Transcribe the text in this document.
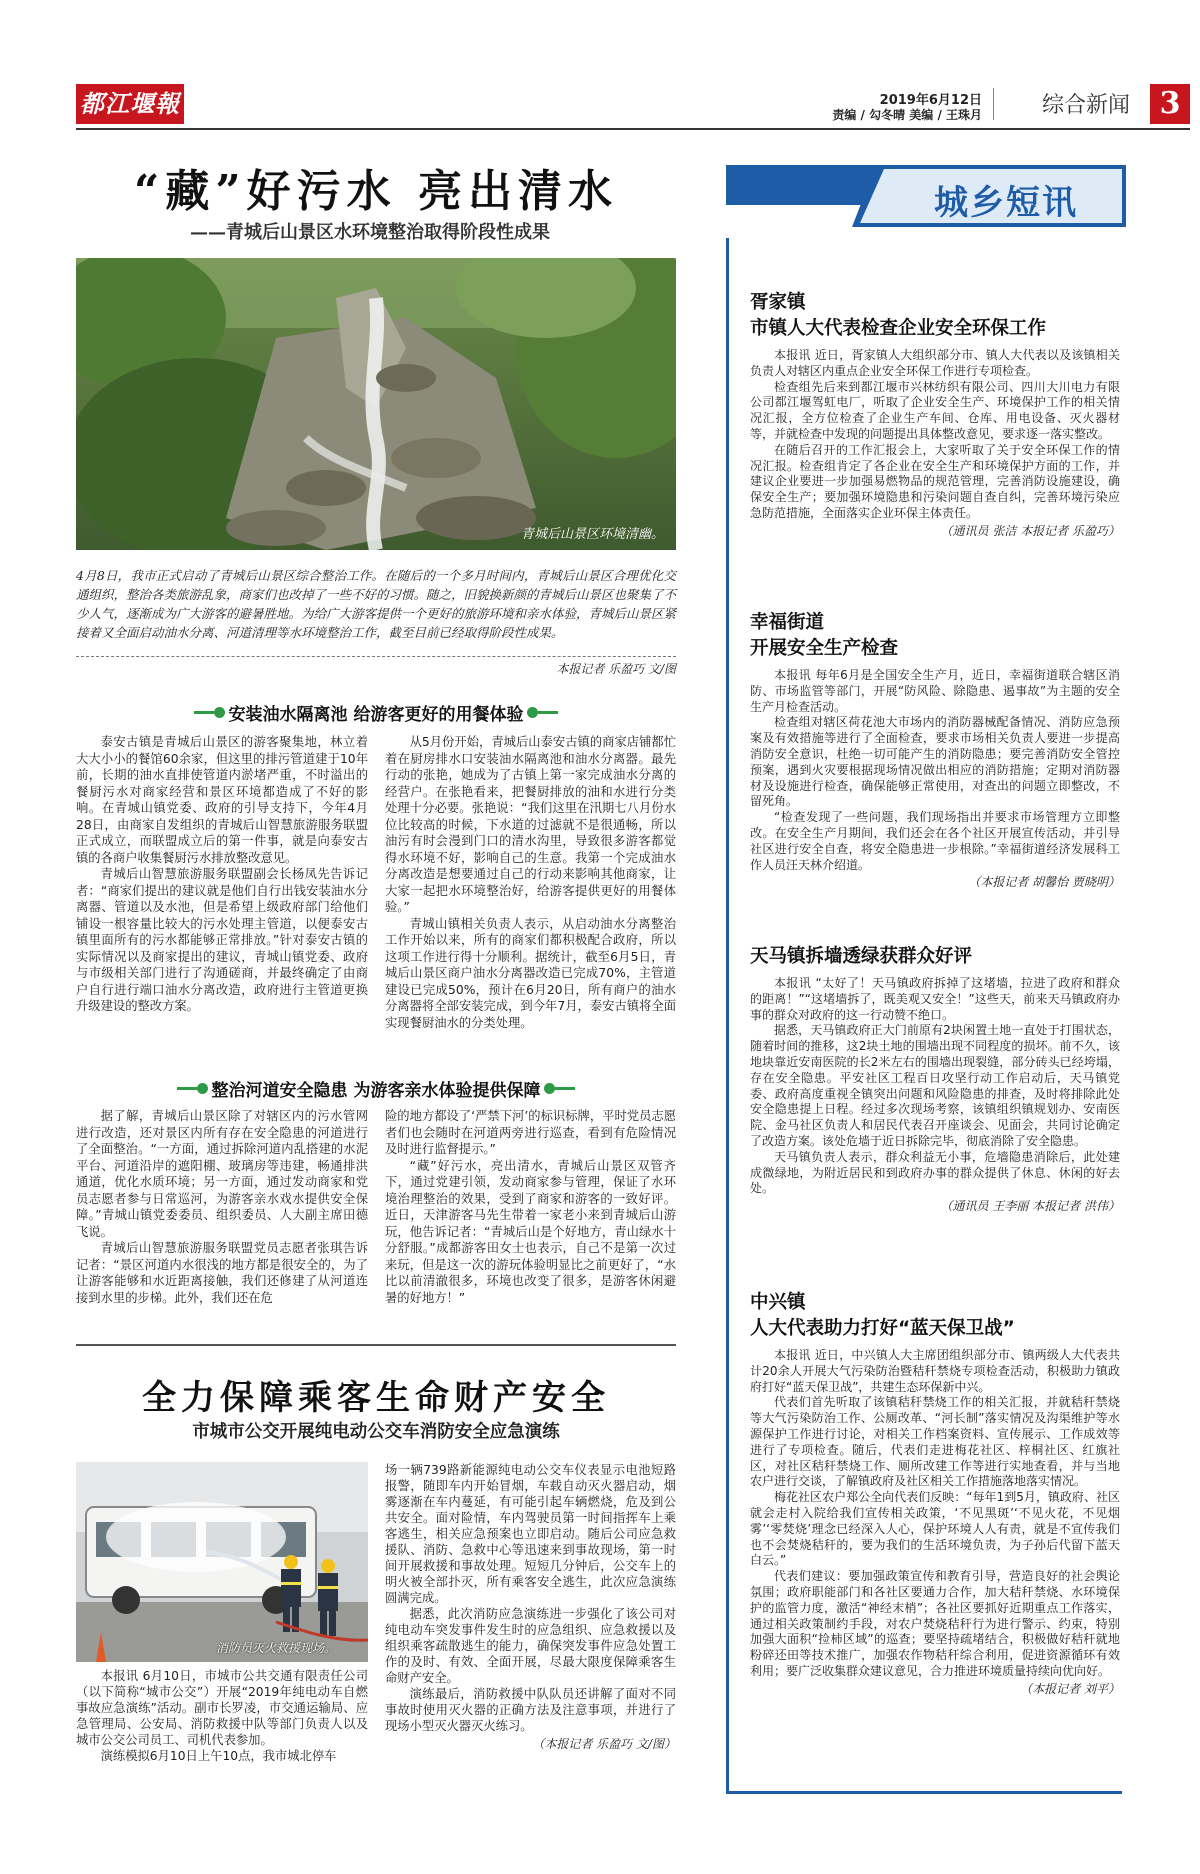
都江堰報	2019年6月12日
责编 / 勾冬晴 美编 / 王珠月	综合新闻 3
“藏”好污水 亮出清水
——青城后山景区水环境整治取得阶段性成果
青城后山景区环境清幽。
4月8日，我市正式启动了青城后山景区综合整治工作。在随后的一个多月时间内，青城后山景区合理优化交通组织，整治各类旅游乱象，商家们也改掉了一些不好的习惯。随之，旧貌换新颜的青城后山景区也聚集了不少人气，逐渐成为广大游客的避暑胜地。为给广大游客提供一个更好的旅游环境和亲水体验，青城后山景区紧接着又全面启动油水分离、河道清理等水环境整治工作，截至目前已经取得阶段性成果。
本报记者 乐盈巧 文/图
安装油水隔离池 给游客更好的用餐体验

泰安古镇是青城后山景区的游客聚集地，林立着大大小小的餐馆60余家，但这里的排污管道建于10年前，长期的油水直排使管道内淤堵严重，不时溢出的餐厨污水对商家经营和景区环境都造成了不好的影响。在青城山镇党委、政府的引导支持下，今年4月28日，由商家自发组织的青城后山智慧旅游服务联盟正式成立，而联盟成立后的第一件事，就是向泰安古镇的各商户收集餐厨污水排放整改意见。

青城后山智慧旅游服务联盟副会长杨凤先告诉记者：“商家们提出的建议就是他们自行出钱安装油水分离器、管道以及水池，但是希望上级政府部门给他们铺设一根容量比较大的污水处理主管道，以便泰安古镇里面所有的污水都能够正常排放。”针对泰安古镇的实际情况以及商家提出的建议，青城山镇党委、政府与市级相关部门进行了沟通磋商，并最终确定了由商户自行进行端口油水分离改造，政府进行主管道更换升级建设的整改方案。

从5月份开始，青城后山泰安古镇的商家店铺都忙着在厨房排水口安装油水隔离池和油水分离器。最先行动的张艳，她成为了古镇上第一家完成油水分离的经营户。在张艳看来，把餐厨排放的油和水进行分类处理十分必要。张艳说：“我们这里在汛期七八月份水位比较高的时候，下水道的过滤就不是很通畅，所以油污有时会漫到门口的清水沟里，导致很多游客都觉得水环境不好，影响自己的生意。我第一个完成油水分离改造是想要通过自己的行动来影响其他商家，让大家一起把水环境整治好，给游客提供更好的用餐体验。”

青城山镇相关负责人表示，从启动油水分离整治工作开始以来，所有的商家们都积极配合政府，所以这项工作进行得十分顺利。据统计，截至6月5日，青城后山景区商户油水分离器改造已完成70%，主管道建设已完成50%，预计在6月20日，所有商户的油水分离器将全部安装完成，到今年7月，泰安古镇将全面实现餐厨油水的分类处理。

整治河道安全隐患 为游客亲水体验提供保障

据了解，青城后山景区除了对辖区内的污水管网进行改造，还对景区内所有存在安全隐患的河道进行了全面整治。“一方面，通过拆除河道内乱搭建的水泥平台、河道沿岸的遮阳棚、玻璃房等违建，畅通排洪通道，优化水质环境；另一方面，通过发动商家和党员志愿者参与日常巡河，为游客亲水戏水提供安全保障。”青城山镇党委委员、组织委员、人大副主席田德飞说。

青城后山智慧旅游服务联盟党员志愿者张琪告诉记者：“景区河道内水很浅的地方都是很安全的，为了让游客能够和水近距离接触，我们还修建了从河道连接到水里的步梯。此外，我们还在危

险的地方都设了‘严禁下河’的标识标牌，平时党员志愿者们也会随时在河道两旁进行巡查，看到有危险情况及时进行监督提示。”

“藏”好污水，亮出清水，青城后山景区双管齐下，通过党建引领，发动商家参与管理，保证了水环境治理整治的效果，受到了商家和游客的一致好评。近日，天津游客马先生带着一家老小来到青城后山游玩，他告诉记者：“青城后山是个好地方，青山绿水十分舒服。”成都游客田女士也表示，自己不是第一次过来玩，但是这一次的游玩体验明显比之前更好了，“水比以前清澈很多，环境也改变了很多，是游客休闲避暑的好地方！”

全力保障乘客生命财产安全
市城市公交开展纯电动公交车消防安全应急演练
消防员灭火救援现场。

本报讯 6月10日，市城市公共交通有限责任公司（以下简称“城市公交”）开展“2019年纯电动车自燃事故应急演练”活动。副市长罗凌，市交通运输局、应急管理局、公安局、消防救援中队等部门负责人以及城市公交公司员工、司机代表参加。

演练模拟6月10日上午10点，我市城北停车

场一辆739路新能源纯电动公交车仪表显示电池短路报警，随即车内开始冒烟，车载自动灭火器启动，烟雾逐渐在车内蔓延，有可能引起车辆燃烧，危及到公共安全。面对险情，车内驾驶员第一时间指挥车上乘客逃生，相关应急预案也立即启动。随后公司应急救援队、消防、急救中心等迅速来到事故现场，第一时间开展救援和事故处理。短短几分钟后，公交车上的明火被全部扑灭，所有乘客安全逃生，此次应急演练圆满完成。

据悉，此次消防应急演练进一步强化了该公司对纯电动车突发事件发生时的应急组织、应急救援以及组织乘客疏散逃生的能力，确保突发事件应急处置工作的及时、有效、全面开展，尽最大限度保障乘客生命财产安全。

演练最后，消防救援中队队员还讲解了面对不同事故时使用灭火器的正确方法及注意事项，并进行了现场小型灭火器灭火练习。

（本报记者 乐盈巧 文/图）
城乡短讯
胥家镇
市镇人大代表检查企业安全环保工作

本报讯 近日，胥家镇人大组织部分市、镇人大代表以及该镇相关负责人对辖区内重点企业安全环保工作进行专项检查。

检查组先后来到都江堰市兴林纺织有限公司、四川大川电力有限公司都江堰驾虹电厂，听取了企业安全生产、环境保护工作的相关情况汇报，全方位检查了企业生产车间、仓库、用电设备、灭火器材等，并就检查中发现的问题提出具体整改意见，要求逐一落实整改。

在随后召开的工作汇报会上，大家听取了关于安全环保工作的情况汇报。检查组肯定了各企业在安全生产和环境保护方面的工作，并建议企业要进一步加强易燃物品的规范管理，完善消防设施建设，确保安全生产；要加强环境隐患和污染问题自查自纠，完善环境污染应急防范措施，全面落实企业环保主体责任。

（通讯员 张洁 本报记者 乐盈巧）
幸福街道
开展安全生产检查

本报讯 每年6月是全国安全生产月，近日，幸福街道联合辖区消防、市场监管等部门，开展“防风险、除隐患、遏事故”为主题的安全生产月检查活动。

检查组对辖区荷花池大市场内的消防器械配备情况、消防应急预案及有效措施等进行了全面检查，要求市场相关负责人要进一步提高消防安全意识，杜绝一切可能产生的消防隐患；要完善消防安全管控预案，遇到火灾要根据现场情况做出相应的消防措施；定期对消防器材及设施进行检查，确保能够正常使用，对查出的问题立即整改，不留死角。

“检查发现了一些问题，我们现场指出并要求市场管理方立即整改。在安全生产月期间，我们还会在各个社区开展宣传活动，并引导社区进行安全自查，将安全隐患进一步根除。”幸福街道经济发展科工作人员汪天林介绍道。

（本报记者 胡馨怡 贾晓明）
天马镇拆墙透绿获群众好评

本报讯 “太好了！天马镇政府拆掉了这堵墙，拉进了政府和群众的距离！”“这堵墙拆了，既美观又安全！”这些天，前来天马镇政府办事的群众对政府的这一行动赞不绝口。

据悉，天马镇政府正大门前原有2块闲置土地一直处于打围状态，随着时间的推移，这2块土地的围墙出现不同程度的损坏。前不久，该地块靠近安南医院的长2米左右的围墙出现裂缝，部分砖头已经垮塌，存在安全隐患。平安社区工程百日攻坚行动工作启动后，天马镇党委、政府高度重视全镇突出问题和风险隐患的排查，及时将排除此处安全隐患提上日程。经过多次现场考察，该镇组织镇规划办、安南医院、金马社区负责人和居民代表召开座谈会、见面会，共同讨论确定了改造方案。该处危墙于近日拆除完毕，彻底消除了安全隐患。

天马镇负责人表示，群众利益无小事，危墙隐患消除后，此处建成微绿地，为附近居民和到政府办事的群众提供了休息、休闲的好去处。

（通讯员 王李丽 本报记者 洪伟）
中兴镇
人大代表助力打好“蓝天保卫战”

本报讯 近日，中兴镇人大主席团组织部分市、镇两级人大代表共计20余人开展大气污染防治暨秸秆禁烧专项检查活动，积极助力镇政府打好“蓝天保卫战”，共建生态环保新中兴。

代表们首先听取了该镇秸秆禁烧工作的相关汇报，并就秸秆禁烧等大气污染防治工作、公厕改革、“河长制”落实情况及沟渠维护等水源保护工作进行讨论，对相关工作档案资料、宣传展示、工作成效等进行了专项检查。随后，代表们走进梅花社区、梓桐社区、红旗社区，对社区秸秆禁烧工作、厕所改建工作等进行实地查看，并与当地农户进行交谈，了解镇政府及社区相关工作措施落地落实情况。

梅花社区农户郑公全向代表们反映：“每年1到5月，镇政府、社区就会走村入院给我们宣传相关政策，‘不见黑斑’‘不见火花，不见烟雾’‘零焚烧’理念已经深入人心，保护环境人人有责，就是不宣传我们也不会焚烧秸秆的，要为我们的生活环境负责，为子孙后代留下蓝天白云。”

代表们建议：要加强政策宣传和教育引导，营造良好的社会舆论氛围；政府职能部门和各社区要通力合作，加大秸秆禁烧、水环境保护的监管力度，激活“神经末梢”；各社区要抓好近期重点工作落实，通过相关政策制约手段，对农户焚烧秸秆行为进行警示、约束，特别加强大面积“捡柿区域”的巡查；要坚持疏堵结合，积极做好秸秆就地粉碎还田等技术推广，加强农作物秸秆综合利用，促进资源循环有效利用；要广泛收集群众建议意见，合力推进环境质量持续向优向好。

（本报记者 刘平）
